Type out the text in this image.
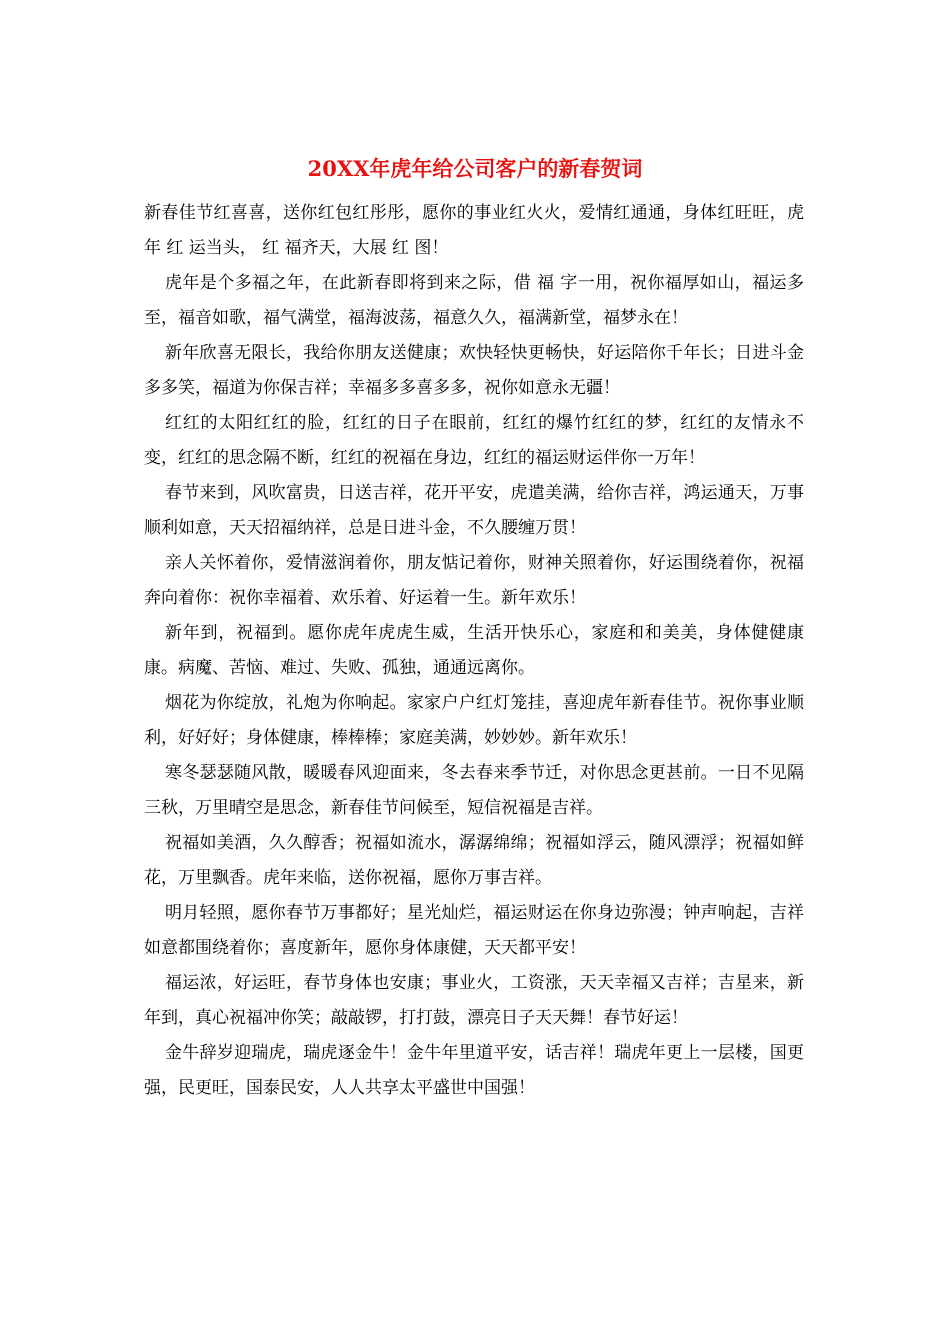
20XX年虎年给公司客户的新春贺词

新春佳节红喜喜，送你红包红彤彤，愿你的事业红火火，爱情红通通，身体红旺旺，虎年 红 运当头， 红 福齐天，大展 红 图！

虎年是个多福之年，在此新春即将到来之际，借 福 字一用，祝你福厚如山，福运多至，福音如歌，福气满堂，福海波荡，福意久久，福满新堂，福梦永在！

新年欣喜无限长，我给你朋友送健康；欢快轻快更畅快，好运陪你千年长；日进斗金多多笑，福道为你保吉祥；幸福多多喜多多，祝你如意永无疆！

红红的太阳红红的脸，红红的日子在眼前，红红的爆竹红红的梦，红红的友情永不变，红红的思念隔不断，红红的祝福在身边，红红的福运财运伴你一万年！

春节来到，风吹富贵，日送吉祥，花开平安，虎遣美满，给你吉祥，鸿运通天，万事顺利如意，天天招福纳祥，总是日进斗金，不久腰缠万贯！

亲人关怀着你，爱情滋润着你，朋友惦记着你，财神关照着你，好运围绕着你，祝福奔向着你：祝你幸福着、欢乐着、好运着一生。新年欢乐！

新年到，祝福到。愿你虎年虎虎生威，生活开快乐心，家庭和和美美，身体健健康康。病魔、苦恼、难过、失败、孤独，通通远离你。

烟花为你绽放，礼炮为你响起。家家户户红灯笼挂，喜迎虎年新春佳节。祝你事业顺利，好好好；身体健康，棒棒棒；家庭美满，妙妙妙。新年欢乐！

寒冬瑟瑟随风散，暖暖春风迎面来，冬去春来季节迁，对你思念更甚前。一日不见隔三秋，万里晴空是思念，新春佳节问候至，短信祝福是吉祥。

祝福如美酒，久久醇香；祝福如流水，潺潺绵绵；祝福如浮云，随风漂浮；祝福如鲜花，万里飘香。虎年来临，送你祝福，愿你万事吉祥。

明月轻照，愿你春节万事都好；星光灿烂，福运财运在你身边弥漫；钟声响起，吉祥如意都围绕着你；喜度新年，愿你身体康健，天天都平安！

福运浓，好运旺，春节身体也安康；事业火，工资涨，天天幸福又吉祥；吉星来，新年到，真心祝福冲你笑；敲敲锣，打打鼓，漂亮日子天天舞！春节好运！

金牛辞岁迎瑞虎，瑞虎逐金牛！金牛年里道平安，话吉祥！瑞虎年更上一层楼，国更强，民更旺，国泰民安，人人共享太平盛世中国强！
